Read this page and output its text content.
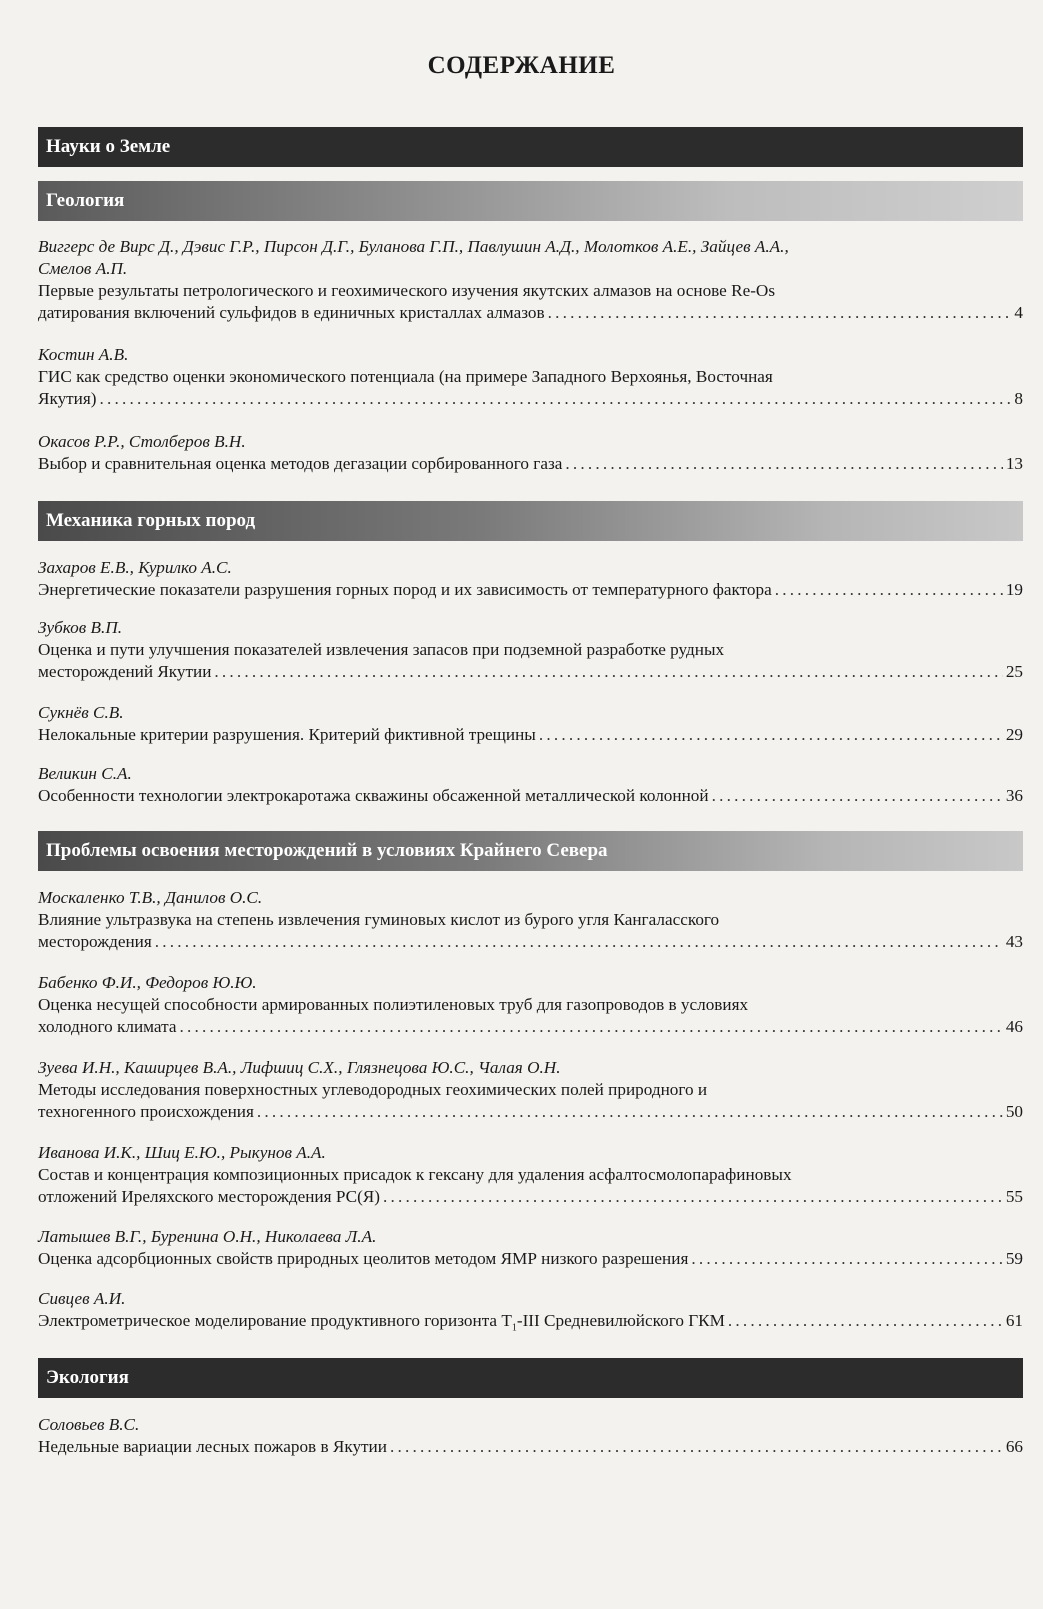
СОДЕРЖАНИЕ
Науки о Земле
Геология
Виггерс де Вирс Д., Дэвис Г.Р., Пирсон Д.Г., Буланова Г.П., Павлушин А.Д., Молотков А.Е., Зайцев А.А.,
Смелов А.П.
Первые результаты петрологического и геохимического изучения якутских алмазов на основе Re-Os
датирования включений сульфидов в единичных кристаллах алмазов .....	4
Костин А.В.
ГИС как средство оценки экономического потенциала (на примере Западного Верхоянья, Восточная
Якутия) .....	8
Окасов Р.Р., Столберов В.Н.
Выбор и сравнительная оценка методов дегазации сорбированного газа .....	13
Механика горных пород
Захаров Е.В., Курилко А.С.
Энергетические показатели разрушения горных пород и их зависимость от температурного фактора .....	19
Зубков В.П.
Оценка и пути улучшения показателей извлечения запасов при подземной разработке рудных
месторождений Якутии .....	25
Сукнёв С.В.
Нелокальные критерии разрушения. Критерий фиктивной трещины .....	29
Великин С.А.
Особенности технологии электрокаротажа скважины обсаженной металлической колонной .....	36
Проблемы освоения месторождений в условиях Крайнего Севера
Москаленко Т.В., Данилов О.С.
Влияние ультразвука на степень извлечения гуминовых кислот из бурого угля Кангаласского
месторождения .....	43
Бабенко Ф.И., Федоров Ю.Ю.
Оценка несущей способности армированных полиэтиленовых труб для газопроводов в условиях
холодного климата .....	46
Зуева И.Н., Каширцев В.А., Лифшиц С.Х., Глязнецова Ю.С., Чалая О.Н.
Методы исследования поверхностных углеводородных геохимических полей природного и
техногенного происхождения .....	50
Иванова И.К., Шиц Е.Ю., Рыкунов А.А.
Состав и концентрация композиционных присадок к гексану для удаления асфалтосмолопарафиновых
отложений Иреляхского месторождения РС(Я) .....	55
Латышев В.Г., Буренина О.Н., Николаева Л.А.
Оценка адсорбционных свойств природных цеолитов методом ЯМР низкого разрешения .....	59
Сивцев А.И.
Электрометрическое моделирование продуктивного горизонта $Т_1$-III Средневилюйского ГКМ .....	61
Экология
Соловьев В.С.
Недельные вариации лесных пожаров в Якутии .....	66
